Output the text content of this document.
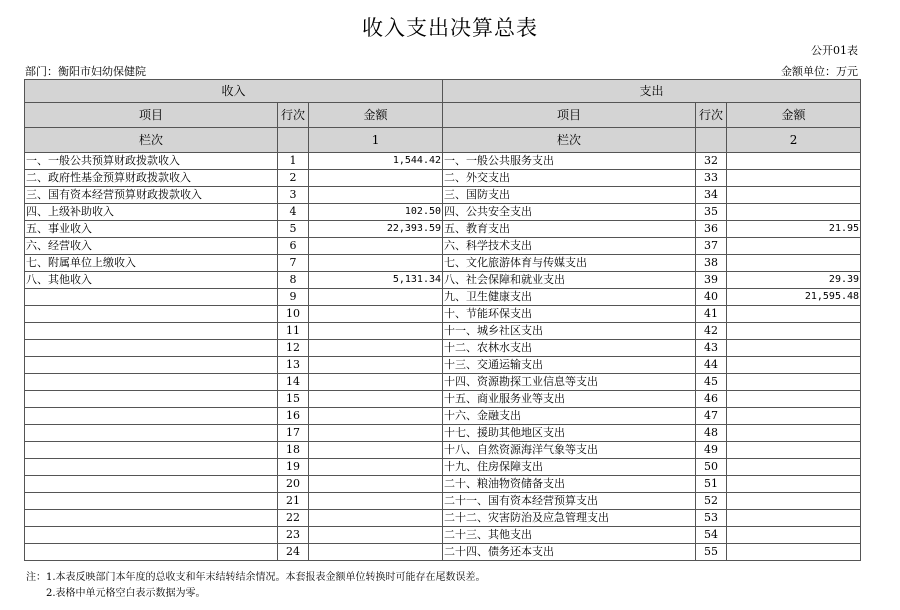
收入支出决算总表
公开01表
部门：衡阳市妇幼保健院	金额单位：万元
收入			支出		
项目	行次	金额	项目	行次	金额
栏次		1	栏次		2
一、一般公共预算财政拨款收入	1	1,544.42	一、一般公共服务支出	32	
二、政府性基金预算财政拨款收入	2		二、外交支出	33	
三、国有资本经营预算财政拨款收入	3		三、国防支出	34	
四、上级补助收入	4	102.50	四、公共安全支出	35	
五、事业收入	5	22,393.59	五、教育支出	36	21.95
六、经营收入	6		六、科学技术支出	37	
七、附属单位上缴收入	7		七、文化旅游体育与传媒支出	38	
八、其他收入	8	5,131.34	八、社会保障和就业支出	39	29.39
	9		九、卫生健康支出	40	21,595.48
	10		十、节能环保支出	41	
	11		十一、城乡社区支出	42	
	12		十二、农林水支出	43	
	13		十三、交通运输支出	44	
	14		十四、资源勘探工业信息等支出	45	
	15		十五、商业服务业等支出	46	
	16		十六、金融支出	47	
	17		十七、援助其他地区支出	48	
	18		十八、自然资源海洋气象等支出	49	
	19		十九、住房保障支出	50	
	20		二十、粮油物资储备支出	51	
	21		二十一、国有资本经营预算支出	52	
	22		二十二、灾害防治及应急管理支出	53	
	23		二十三、其他支出	54	
	24		二十四、债务还本支出	55	
注：1.本表反映部门本年度的总收支和年末结转结余情况。本套报表金额单位转换时可能存在尾数误差。
2.表格中单元格空白表示数据为零。
